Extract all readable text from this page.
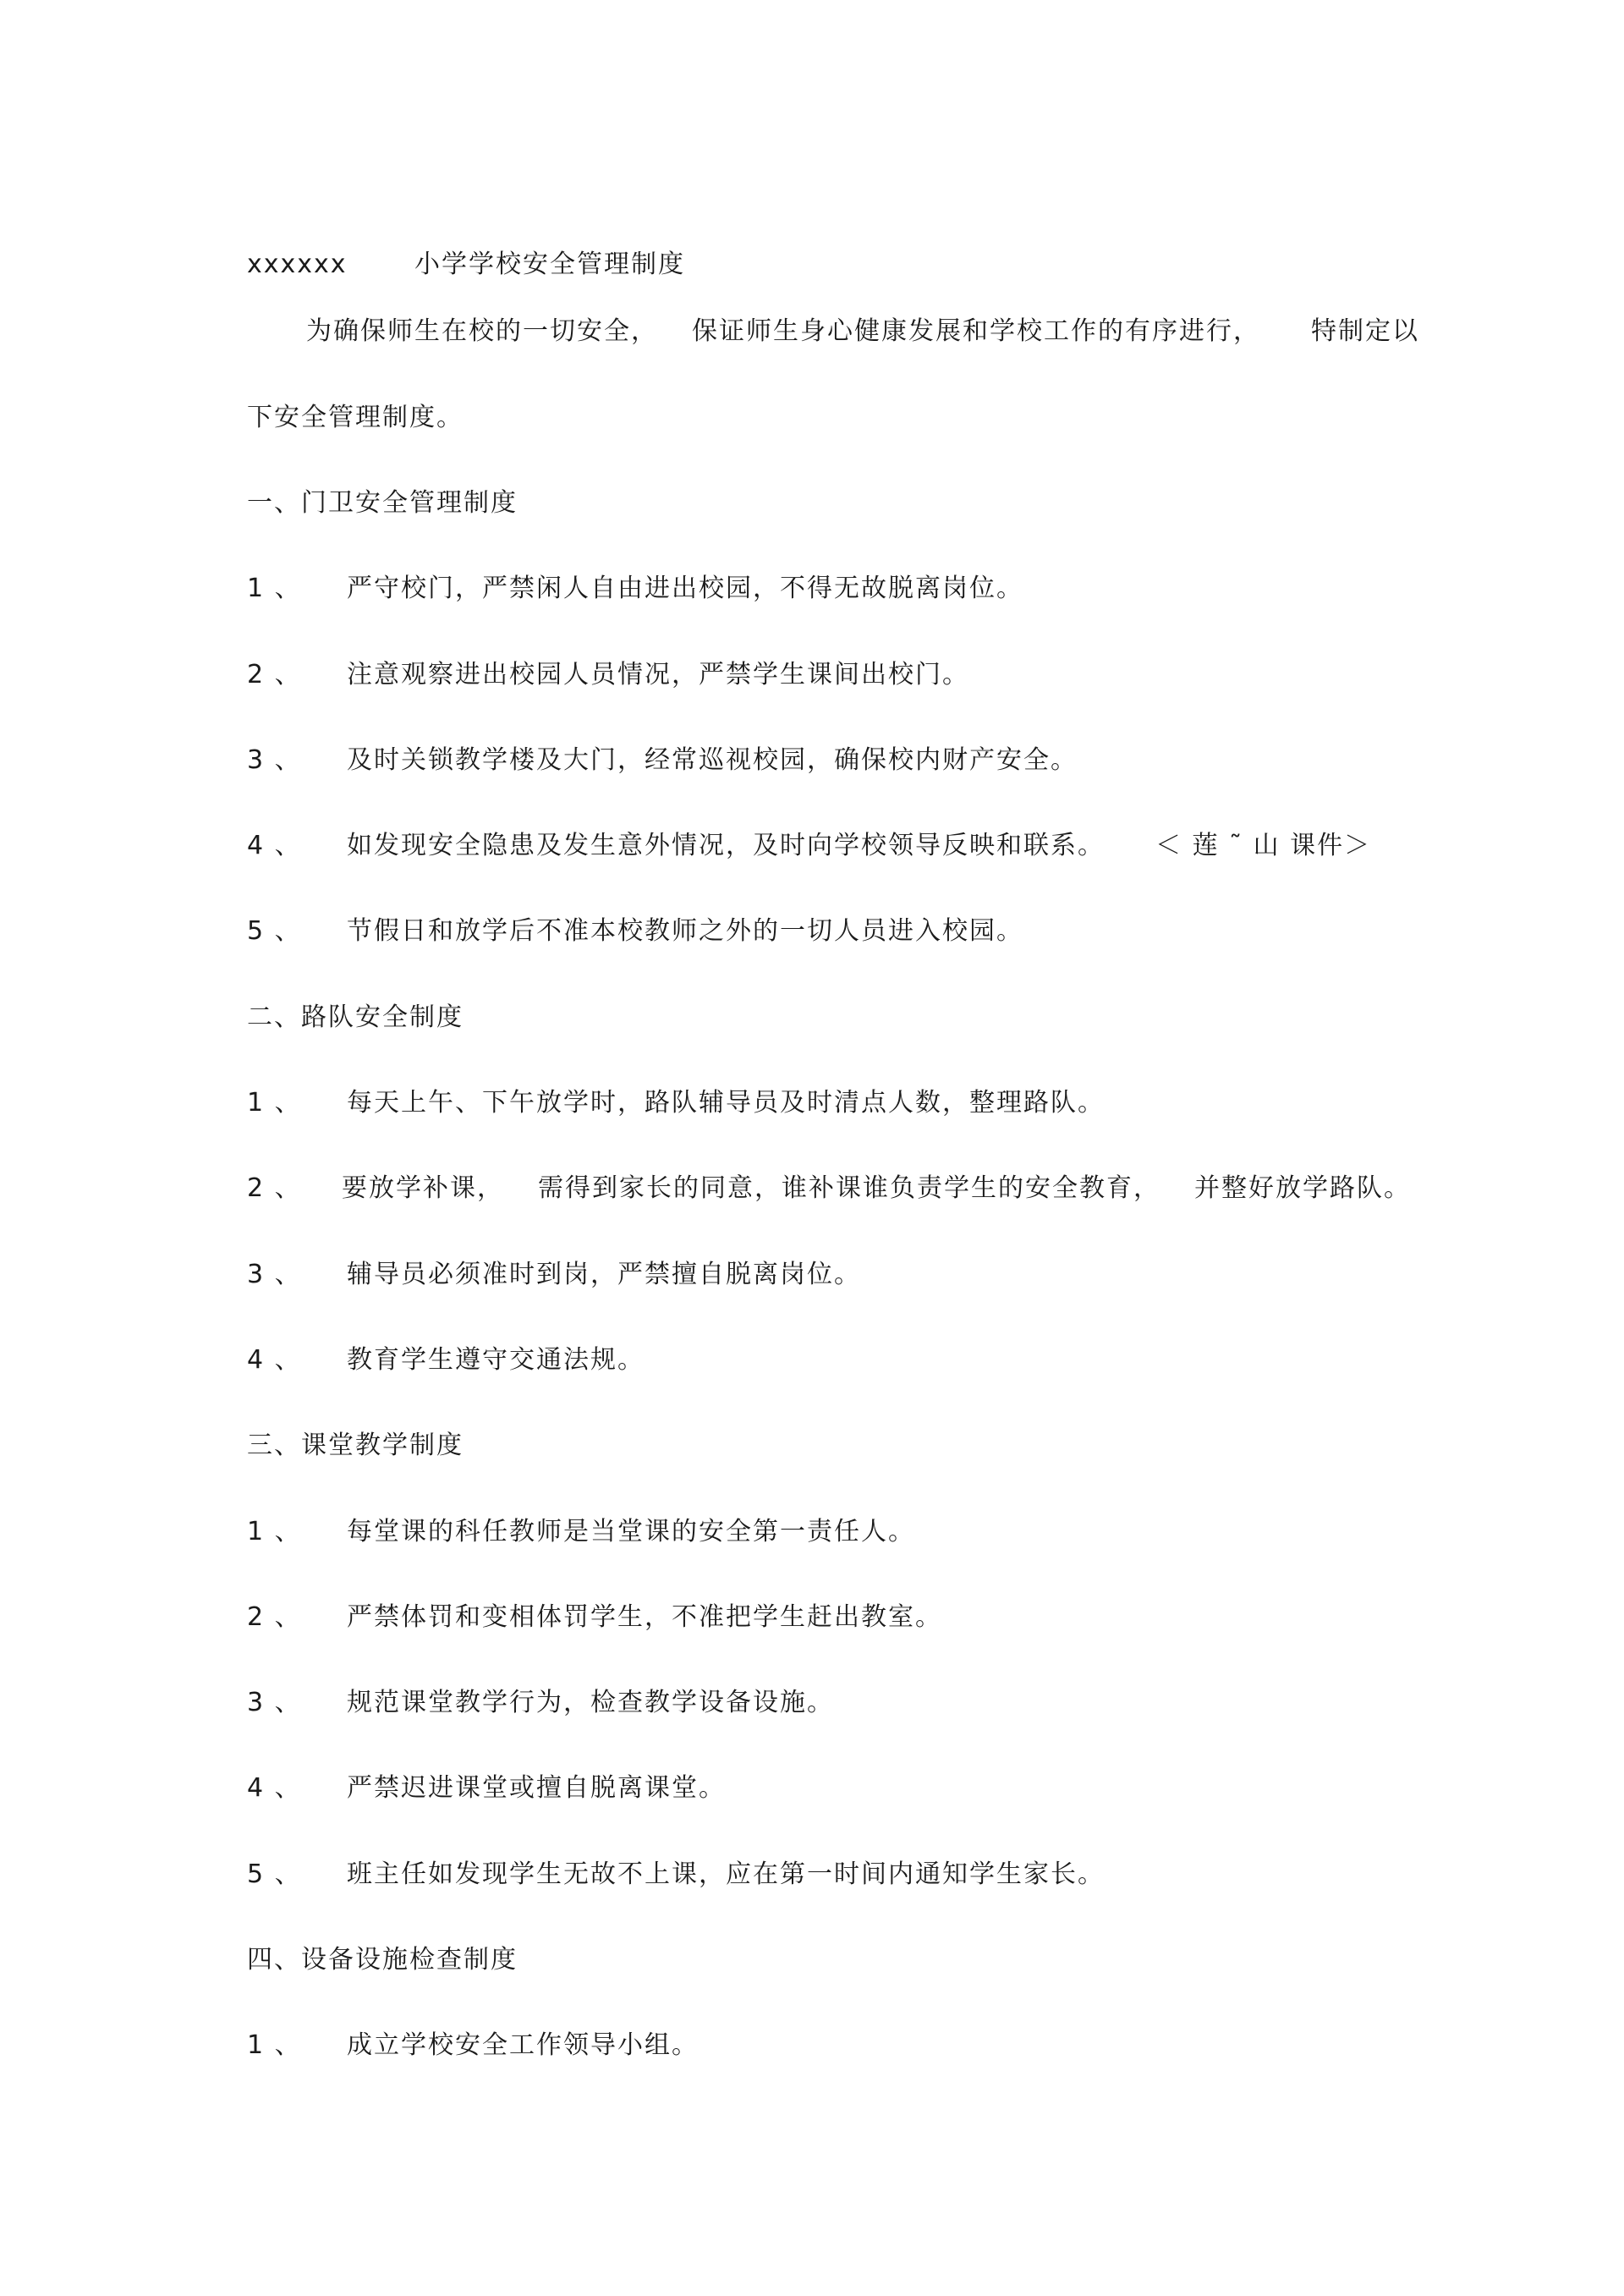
xxxxxx	小学学校安全管理制度
为确保师生在校的一切安全， 保证师生身心健康发展和学校工作的有序进行， 特制定以
下安全管理制度。
一、门卫安全管理制度
1 、 严守校门，严禁闲人自由进出校园，不得无故脱离岗位。
2 、 注意观察进出校园人员情况，严禁学生课间出校门。
3 、 及时关锁教学楼及大门，经常巡视校园，确保校内财产安全。
4 、 如发现安全隐患及发生意外情况，及时向学校领导反映和联系。 ＜ 莲 ˜ 山 课件＞
5 、 节假日和放学后不准本校教师之外的一切人员进入校园。
二、路队安全制度
1 、 每天上午、下午放学时，路队辅导员及时清点人数，整理路队。
2 、 要放学补课， 需得到家长的同意，谁补课谁负责学生的安全教育， 并整好放学路队。
3 、 辅导员必须准时到岗，严禁擅自脱离岗位。
4 、 教育学生遵守交通法规。
三、课堂教学制度
1 、 每堂课的科任教师是当堂课的安全第一责任人。
2 、 严禁体罚和变相体罚学生，不准把学生赶出教室。
3 、 规范课堂教学行为，检查教学设备设施。
4 、 严禁迟进课堂或擅自脱离课堂。
5 、 班主任如发现学生无故不上课，应在第一时间内通知学生家长。
四、设备设施检查制度
1 、 成立学校安全工作领导小组。
